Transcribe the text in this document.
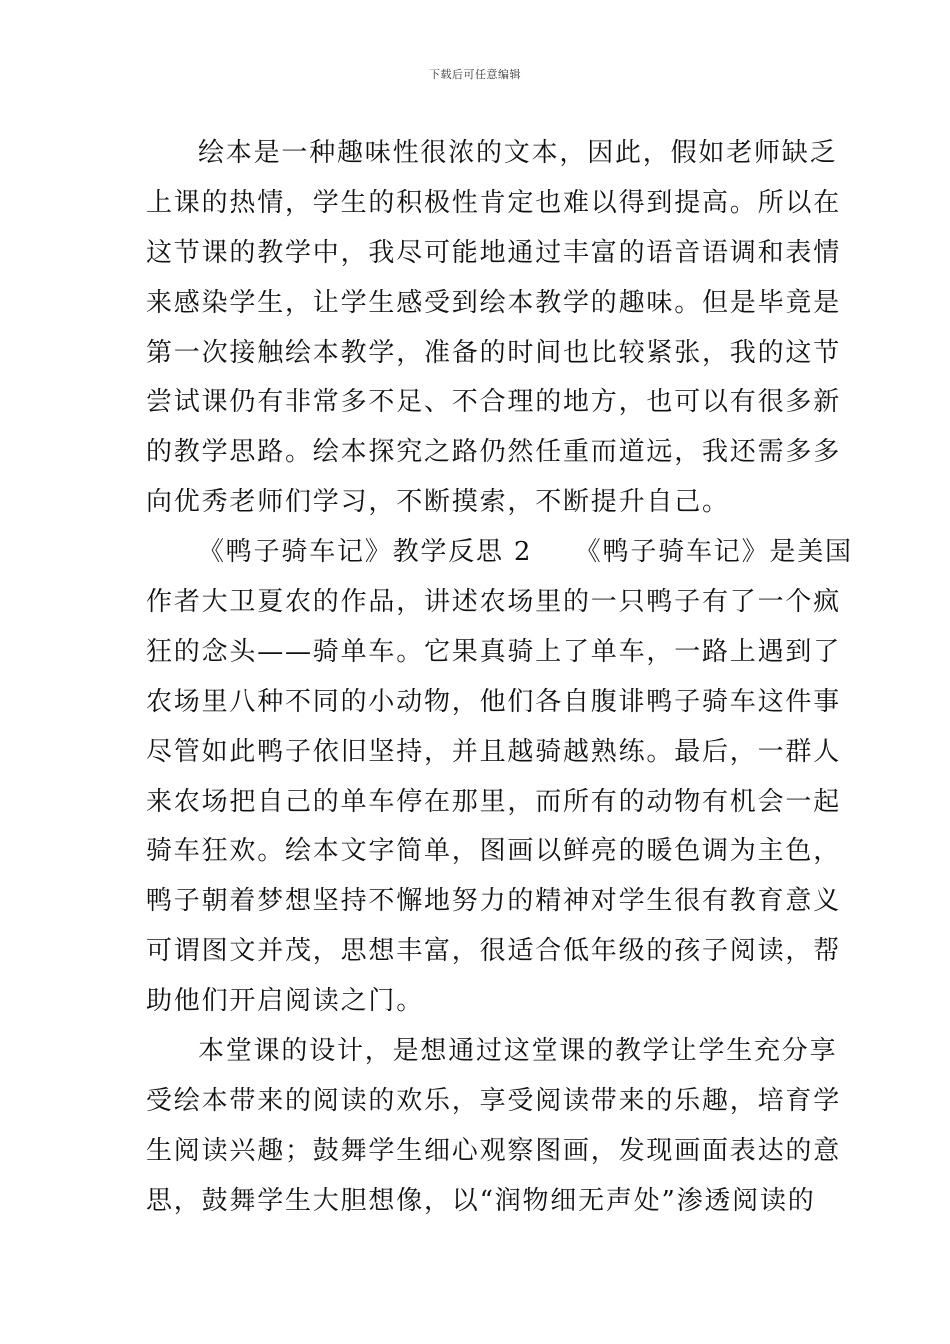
下载后可任意编辑
绘本是一种趣味性很浓的文本，因此，假如老师缺乏
上课的热情，学生的积极性肯定也难以得到提高。所以在
这节课的教学中，我尽可能地通过丰富的语音语调和表情
来感染学生，让学生感受到绘本教学的趣味。但是毕竟是
第一次接触绘本教学，准备的时间也比较紧张，我的这节
尝试课仍有非常多不足、不合理的地方，也可以有很多新
的教学思路。绘本探究之路仍然任重而道远，我还需多多
向优秀老师们学习，不断摸索，不断提升自己。
《鸭子骑车记》教学反思 2　　《鸭子骑车记》是美国
作者大卫夏农的作品，讲述农场里的一只鸭子有了一个疯
狂的念头——骑单车。它果真骑上了单车，一路上遇到了
农场里八种不同的小动物，他们各自腹诽鸭子骑车这件事
尽管如此鸭子依旧坚持，并且越骑越熟练。最后，一群人
来农场把自己的单车停在那里，而所有的动物有机会一起
骑车狂欢。绘本文字简单，图画以鲜亮的暖色调为主色，
鸭子朝着梦想坚持不懈地努力的精神对学生很有教育意义
可谓图文并茂，思想丰富，很适合低年级的孩子阅读，帮
助他们开启阅读之门。
本堂课的设计，是想通过这堂课的教学让学生充分享
受绘本带来的阅读的欢乐，享受阅读带来的乐趣，培育学
生阅读兴趣；鼓舞学生细心观察图画，发现画面表达的意
思，鼓舞学生大胆想像，以“润物细无声处”渗透阅读的
